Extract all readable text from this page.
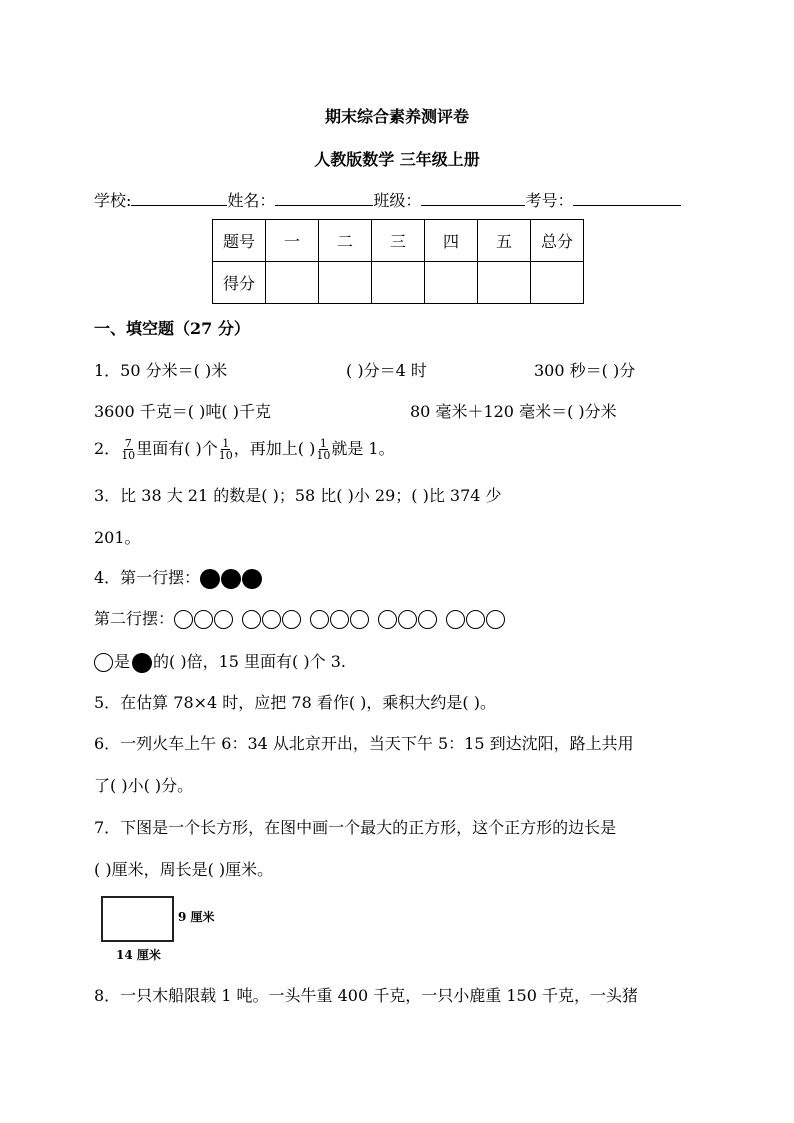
期末综合素养测评卷
人教版数学 三年级上册
学校:	姓名：	班级：	考号：
题号	一	二	三	四	五	总分
得分						
一、填空题（27 分）
1．50 分米＝( )米	( )分＝4 时	300 秒＝( )分
3600 千克＝( )吨( )千克	80 毫米＋120 毫米＝( )分米
2． $\frac{7}{10}$ 里面有( )个 $\frac{1}{10}$ ，再加上( ) $\frac{1}{10}$ 就是 1。
3．比 38 大 21 的数是( )；58 比( )小 29；( )比 374 少
201。
4．第一行摆：
第二行摆：
是 的( )倍，15 里面有( )个 3.
5．在估算 78×4 时，应把 78 看作( )，乘积大约是( )。
6．一列火车上午 6：34 从北京开出，当天下午 5：15 到达沈阳，路上共用
了( )小( )分。
7．下图是一个长方形，在图中画一个最大的正方形，这个正方形的边长是
( )厘米，周长是( )厘米。
9 厘米
14 厘米
8．一只木船限载 1 吨。一头牛重 400 千克，一只小鹿重 150 千克，一头猪
